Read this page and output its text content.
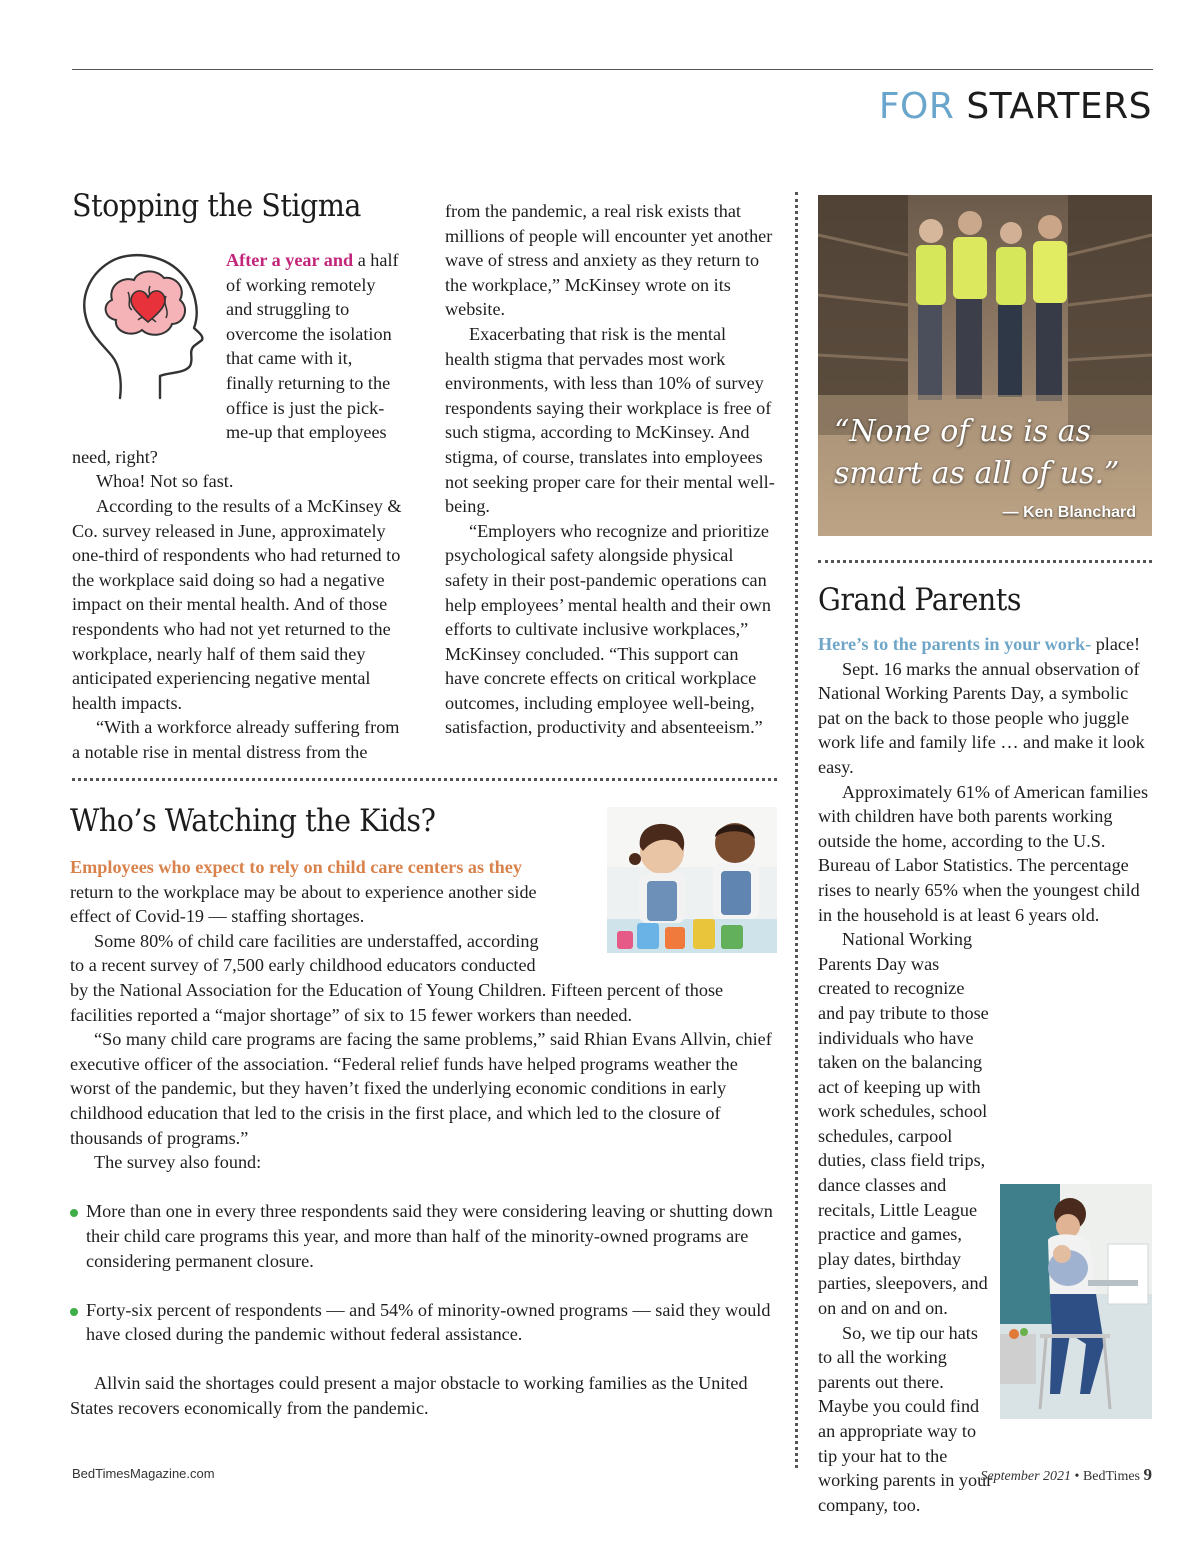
FOR STARTERS
Stopping the Stigma

After a year and a half of working remotely and struggling to overcome the isolation that came with it, finally returning to the office is just the pick-me-up that employees need, right?

Whoa! Not so fast.

According to the results of a McKinsey & Co. survey released in June, approximately one-third of respondents who had returned to the workplace said doing so had a negative impact on their mental health. And of those respondents who had not yet returned to the workplace, nearly half of them said they anticipated experiencing negative mental health impacts.

“With a workforce already suffering from a notable rise in mental distress from the

from the pandemic, a real risk exists that millions of people will encounter yet another wave of stress and anxiety as they return to the workplace,” McKinsey wrote on its website.

Exacerbating that risk is the mental health stigma that pervades most work environments, with less than 10% of survey respondents saying their workplace is free of such stigma, according to McKinsey. And stigma, of course, translates into employees not seeking proper care for their mental well-being.

“Employers who recognize and prioritize psychological safety alongside physical safety in their post-pandemic operations can help employees’ mental health and their own efforts to cultivate inclusive workplaces,” McKinsey concluded. “This support can have concrete effects on critical workplace outcomes, including employee well-being, satisfaction, productivity and absenteeism.”

“None of us is as smart as all of us.”
— Ken Blanchard
Who’s Watching the Kids?

Employees who expect to rely on child care centers as they return to the workplace may be about to experience another side effect of Covid-19 — staffing shortages.

Some 80% of child care facilities are understaffed, according to a recent survey of 7,500 early childhood educators conducted by the National Association for the Education of Young Children. Fifteen percent of those facilities reported a “major shortage” of six to 15 fewer workers than needed.

“So many child care programs are facing the same problems,” said Rhian Evans Allvin, chief executive officer of the association. “Federal relief funds have helped programs weather the worst of the pandemic, but they haven’t fixed the underlying economic conditions in early childhood education that led to the crisis in the first place, and which led to the closure of thousands of programs.”

The survey also found:

More than one in every three respondents said they were considering leaving or shutting down their child care programs this year, and more than half of the minority-owned programs are considering permanent closure.
Forty-six percent of respondents — and 54% of minority-owned programs — said they would have closed during the pandemic without federal assistance.

Allvin said the shortages could present a major obstacle to working families as the United States recovers economically from the pandemic.

Grand Parents

Here’s to the parents in your work- place!

Sept. 16 marks the annual observation of National Working Parents Day, a symbolic pat on the back to those people who juggle work life and family life … and make it look easy.

Approximately 61% of American families with children have both parents working outside the home, according to the U.S. Bureau of Labor Statistics. The percentage rises to nearly 65% when the youngest child in the household is at least 6 years old.

National Working Parents Day was created to recognize and pay tribute to those individuals who have taken on the balancing act of keeping up with work schedules, school schedules, carpool duties, class field trips, dance classes and recitals, Little League practice and games, play dates, birthday parties, sleepovers, and on and on and on.

So, we tip our hats to all the working parents out there. Maybe you could find an appropriate way to tip your hat to the working parents in your company, too.

BedTimesMagazine.com	September 2021 • BedTimes 9
